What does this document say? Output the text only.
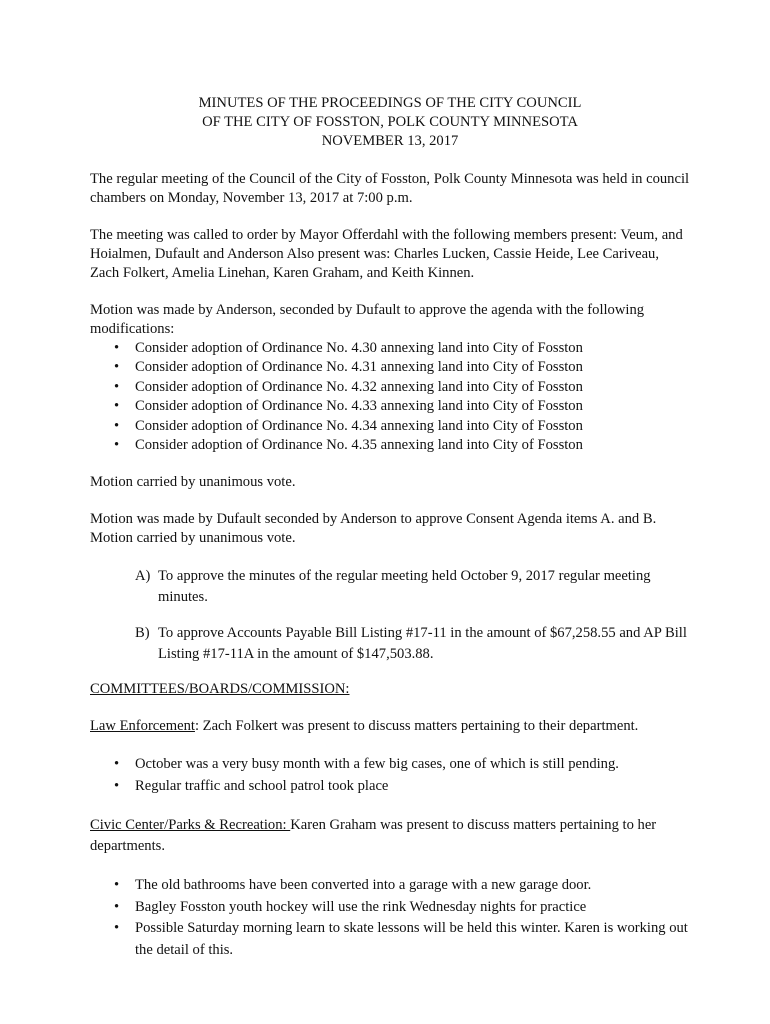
MINUTES OF THE PROCEEDINGS OF THE CITY COUNCIL
OF THE CITY OF FOSSTON, POLK COUNTY MINNESOTA
NOVEMBER 13, 2017

The regular meeting of the Council of the City of Fosston, Polk County Minnesota was held in council chambers on Monday, November 13, 2017 at 7:00 p.m.

The meeting was called to order by Mayor Offerdahl with the following members present: Veum, and Hoialmen, Dufault and Anderson Also present was: Charles Lucken, Cassie Heide, Lee Cariveau, Zach Folkert, Amelia Linehan, Karen Graham, and Keith Kinnen.

Motion was made by Anderson, seconded by Dufault to approve the agenda with the following modifications:

• Consider adoption of Ordinance No. 4.30 annexing land into City of Fosston
• Consider adoption of Ordinance No. 4.31 annexing land into City of Fosston
• Consider adoption of Ordinance No. 4.32 annexing land into City of Fosston
• Consider adoption of Ordinance No. 4.33 annexing land into City of Fosston
• Consider adoption of Ordinance No. 4.34 annexing land into City of Fosston
• Consider adoption of Ordinance No. 4.35 annexing land into City of Fosston

Motion carried by unanimous vote.

Motion was made by Dufault seconded by Anderson to approve Consent Agenda items A. and B.
Motion carried by unanimous vote.

A) To approve the minutes of the regular meeting held October 9, 2017 regular meeting minutes.
B) To approve Accounts Payable Bill Listing #17-11 in the amount of $67,258.55 and AP Bill Listing #17-11A in the amount of $147,503.88.

COMMITTEES/BOARDS/COMMISSION:

Law Enforcement: Zach Folkert was present to discuss matters pertaining to their department.

• October was a very busy month with a few big cases, one of which is still pending.
• Regular traffic and school patrol took place

Civic Center/Parks & Recreation: Karen Graham was present to discuss matters pertaining to her departments.

• The old bathrooms have been converted into a garage with a new garage door.
• Bagley Fosston youth hockey will use the rink Wednesday nights for practice
• Possible Saturday morning learn to skate lessons will be held this winter. Karen is working out the detail of this.
